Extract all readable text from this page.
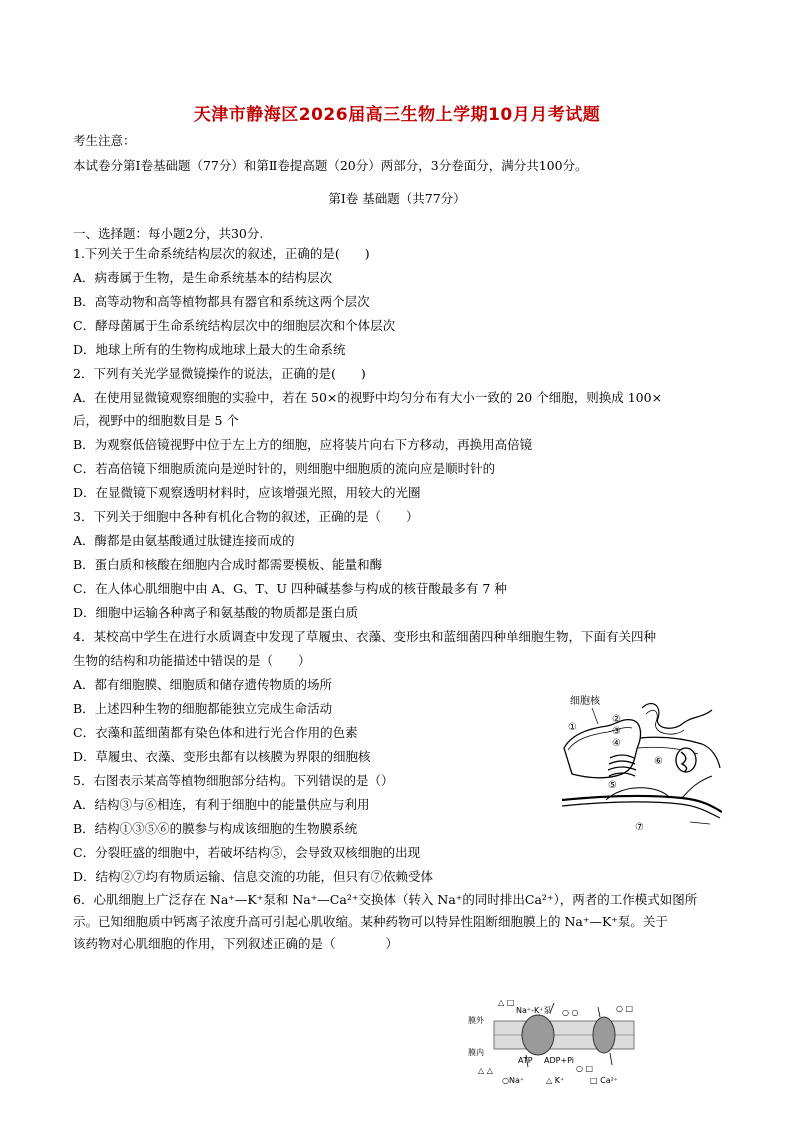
天津市静海区2026届高三生物上学期10月月考试题
考生注意：
本试卷分第Ⅰ卷基础题（77分）和第Ⅱ卷提高题（20分）两部分，3分卷面分，满分共100分。
第Ⅰ卷 基础题（共77分）
一、选择题：每小题2分，共30分.
1.下列关于生命系统结构层次的叙述，正确的是(　　)
A．病毒属于生物，是生命系统基本的结构层次
B．高等动物和高等植物都具有器官和系统这两个层次
C．酵母菌属于生命系统结构层次中的细胞层次和个体层次
D．地球上所有的生物构成地球上最大的生命系统
2．下列有关光学显微镜操作的说法，正确的是(　　)
A．在使用显微镜观察细胞的实验中，若在 50×的视野中均匀分布有大小一致的 20 个细胞，则换成 100×
后，视野中的细胞数目是 5 个
B．为观察低倍镜视野中位于左上方的细胞，应将装片向右下方移动，再换用高倍镜
C．若高倍镜下细胞质流向是逆时针的，则细胞中细胞质的流向应是顺时针的
D．在显微镜下观察透明材料时，应该增强光照，用较大的光圈
3．下列关于细胞中各种有机化合物的叙述，正确的是（　　）
A．酶都是由氨基酸通过肽键连接而成的
B．蛋白质和核酸在细胞内合成时都需要模板、能量和酶
C．在人体心肌细胞中由 A、G、T、U 四种碱基参与构成的核苷酸最多有 7 种
D．细胞中运输各种离子和氨基酸的物质都是蛋白质
4．某校高中学生在进行水质调查中发现了草履虫、衣藻、变形虫和蓝细菌四种单细胞生物，下面有关四种
生物的结构和功能描述中错误的是（　　）
A．都有细胞膜、细胞质和储存遗传物质的场所
B．上述四种生物的细胞都能独立完成生命活动
C．衣藻和蓝细菌都有染色体和进行光合作用的色素
D．草履虫、衣藻、变形虫都有以核膜为界限的细胞核
5．右图表示某高等植物细胞部分结构。下列错误的是（）
A．结构③与⑥相连，有利于细胞中的能量供应与利用
B．结构①③⑤⑥的膜参与构成该细胞的生物膜系统
C．分裂旺盛的细胞中，若破坏结构⑤，会导致双核细胞的出现
D．结构②⑦均有物质运输、信息交流的功能，但只有⑦依赖受体
6．心肌细胞上广泛存在 Na⁺—K⁺泵和 Na⁺—Ca²⁺交换体（转入 Na⁺的同时排出Ca²⁺），两者的工作模式如图所
示。已知细胞质中钙离子浓度升高可引起心肌收缩。某种药物可以特异性阻断细胞膜上的 Na⁺—K⁺泵。关于
该药物对心肌细胞的作用，下列叙述正确的是（　　　　）
细胞核
①
②
③
④
⑤
⑥
⑦
△ □
○ ○	○ □
△ △	○ □
膜外
膜内
Na⁺-K⁺泵
ATP ADP+Pi
○Na⁺	△ K⁺	□ Ca²⁺
